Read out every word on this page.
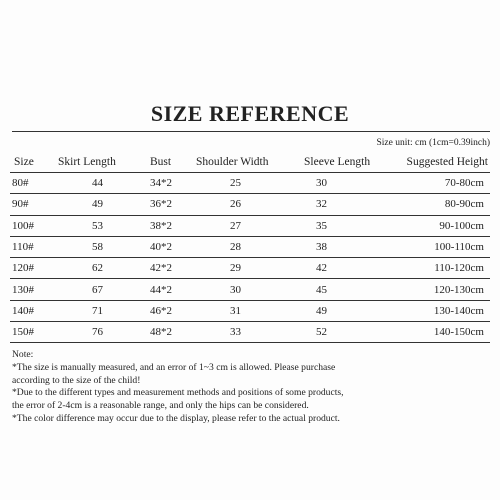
SIZE REFERENCE
Size unit: cm (1cm=0.39inch)
Size	Skirt Length	Bust	Shoulder Width	Sleeve Length	Suggested Height
80#	44	34*2	25	30	70-80cm
90#	49	36*2	26	32	80-90cm
100#	53	38*2	27	35	90-100cm
110#	58	40*2	28	38	100-110cm
120#	62	42*2	29	42	110-120cm
130#	67	44*2	30	45	120-130cm
140#	71	46*2	31	49	130-140cm
150#	76	48*2	33	52	140-150cm
Note:
*The size is manually measured, and an error of 1~3 cm is allowed. Please purchase
according to the size of the child!
*Due to the different types and measurement methods and positions of some products,
the error of 2-4cm is a reasonable range, and only the hips can be considered.
*The color difference may occur due to the display, please refer to the actual product.
